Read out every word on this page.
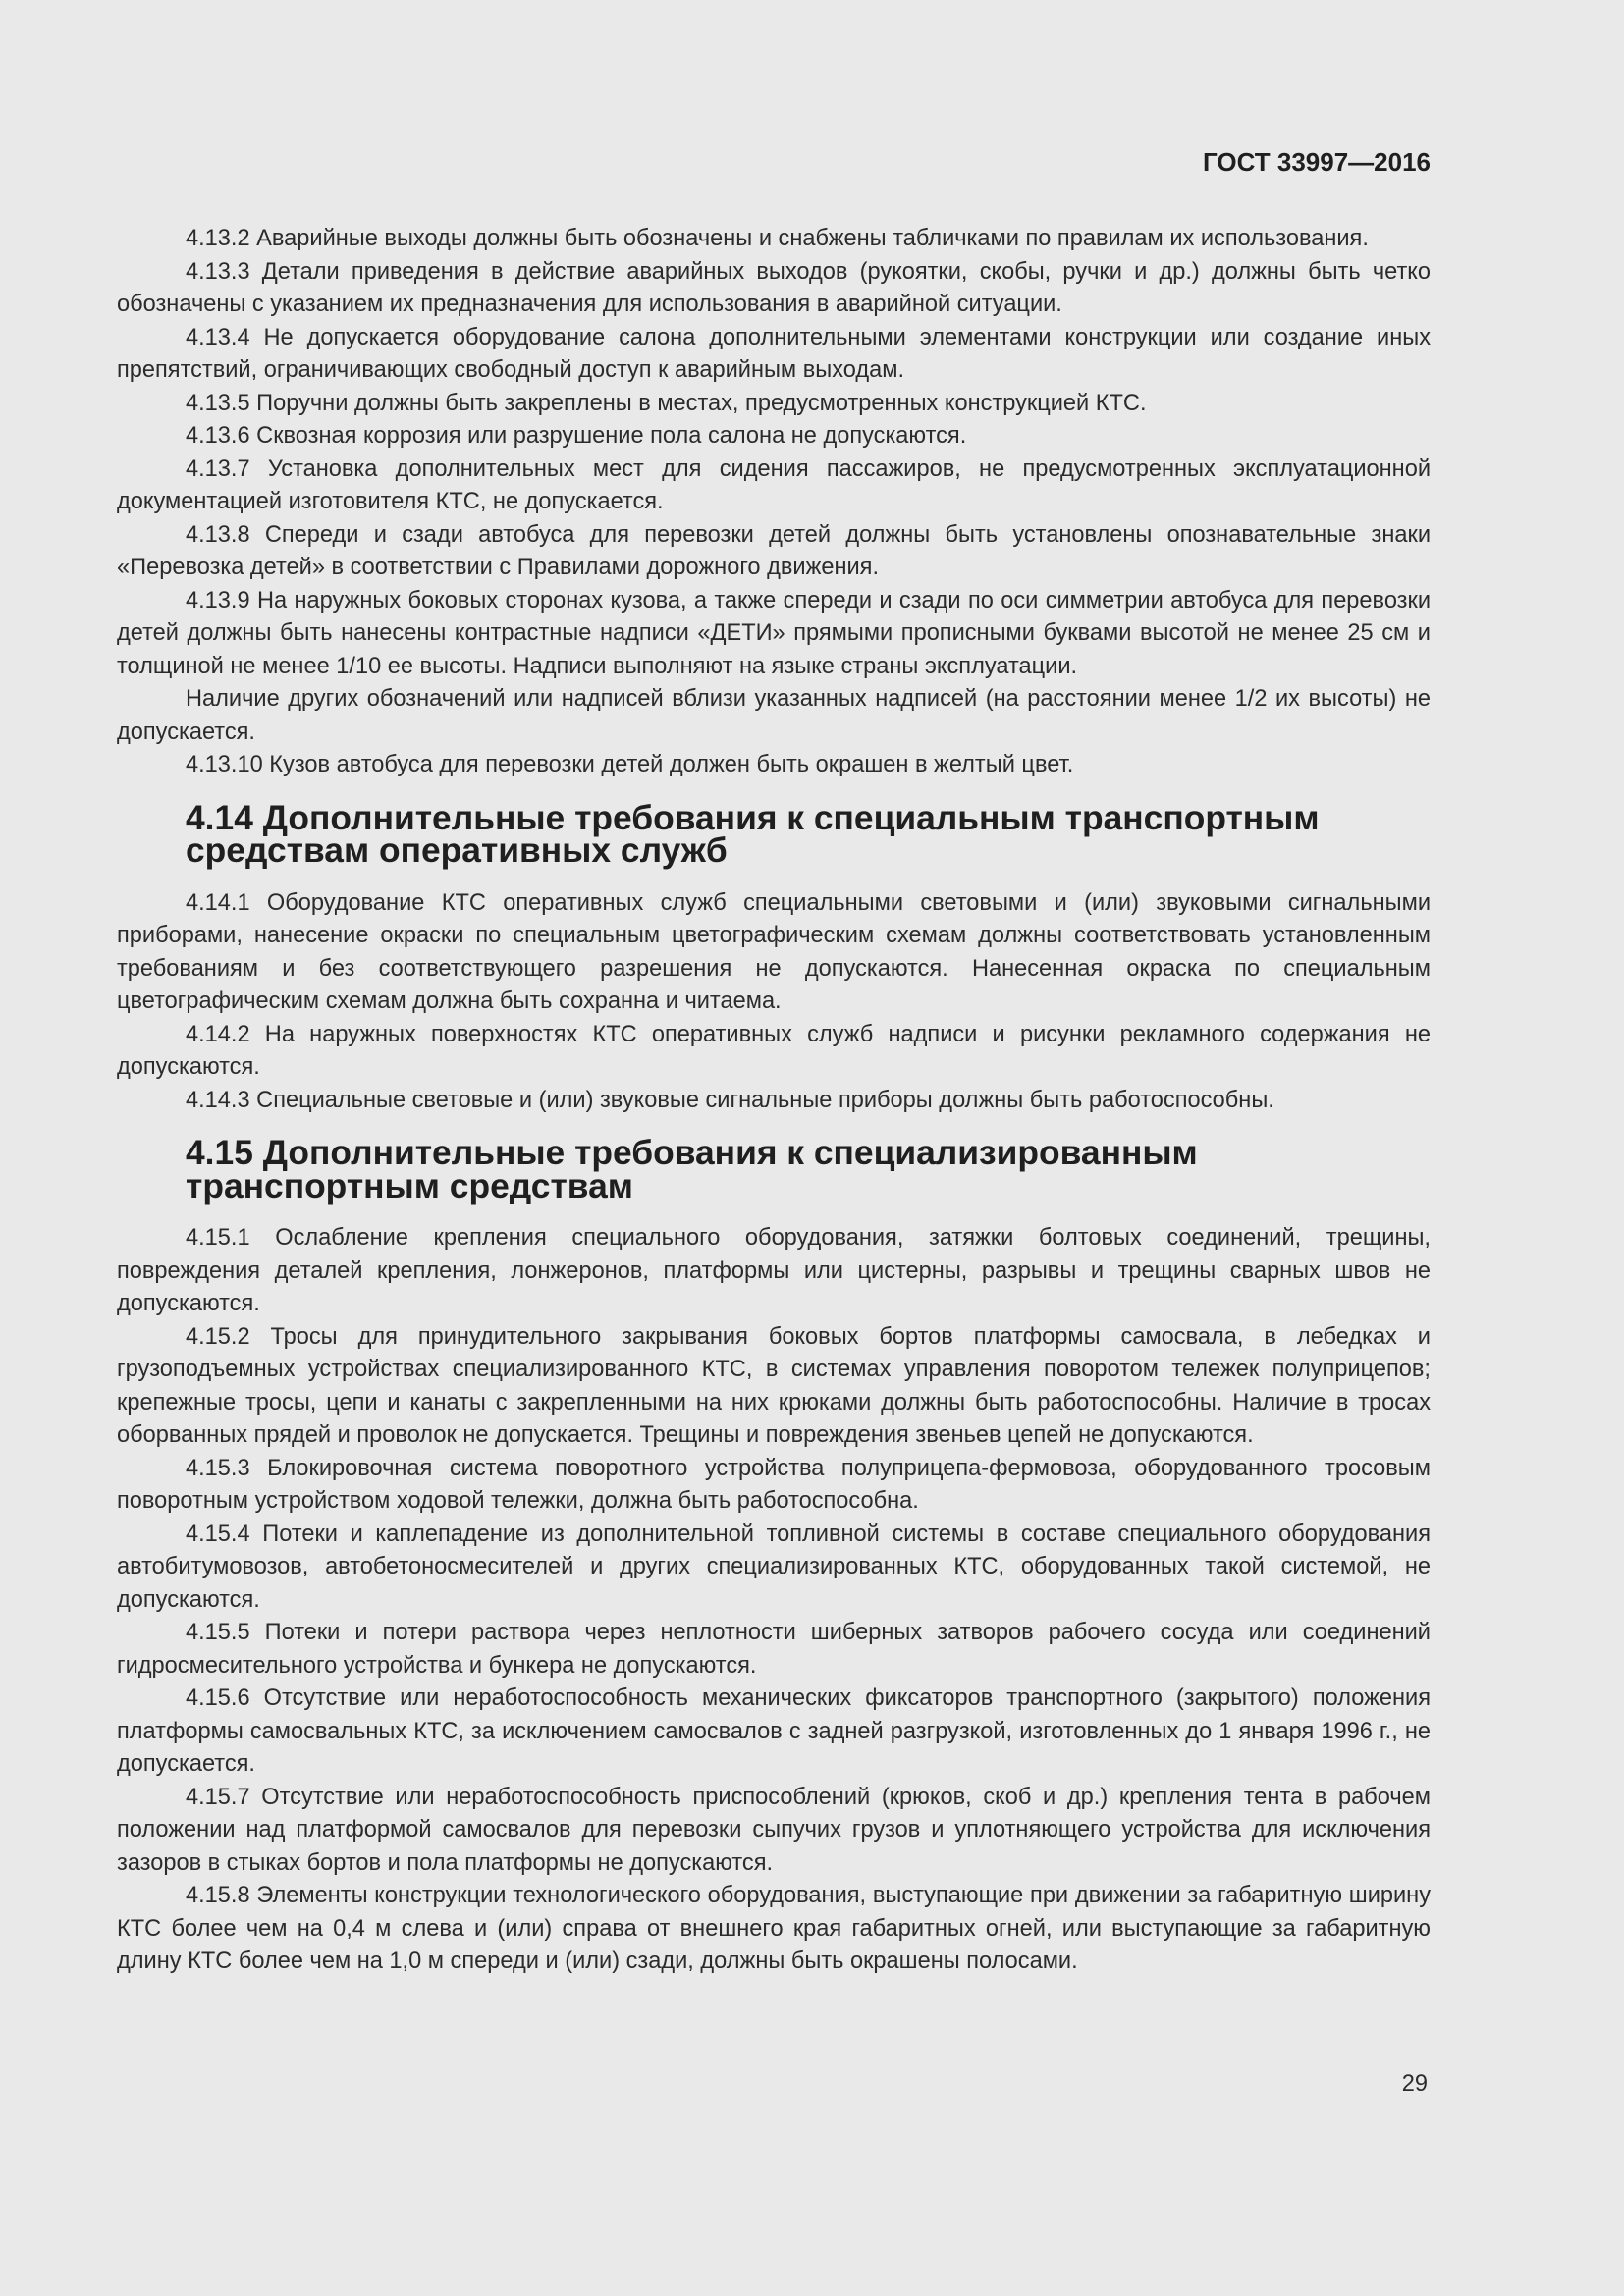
ГОСТ 33997—2016

4.13.2 Аварийные выходы должны быть обозначены и снабжены табличками по правилам их использования.

4.13.3 Детали приведения в действие аварийных выходов (рукоятки, скобы, ручки и др.) должны быть четко обозначены с указанием их предназначения для использования в аварийной ситуации.

4.13.4 Не допускается оборудование салона дополнительными элементами конструкции или создание иных препятствий, ограничивающих свободный доступ к аварийным выходам.

4.13.5 Поручни должны быть закреплены в местах, предусмотренных конструкцией КТС.

4.13.6 Сквозная коррозия или разрушение пола салона не допускаются.

4.13.7 Установка дополнительных мест для сидения пассажиров, не предусмотренных эксплуатационной документацией изготовителя КТС, не допускается.

4.13.8 Спереди и сзади автобуса для перевозки детей должны быть установлены опознавательные знаки «Перевозка детей» в соответствии с Правилами дорожного движения.

4.13.9 На наружных боковых сторонах кузова, а также спереди и сзади по оси симметрии автобуса для перевозки детей должны быть нанесены контрастные надписи «ДЕТИ» прямыми прописными буквами высотой не менее 25 см и толщиной не менее 1/10 ее высоты. Надписи выполняют на языке страны эксплуатации.

Наличие других обозначений или надписей вблизи указанных надписей (на расстоянии менее 1/2 их высоты) не допускается.

4.13.10 Кузов автобуса для перевозки детей должен быть окрашен в желтый цвет.

4.14 Дополнительные требования к специальным транспортным средствам оперативных служб

4.14.1 Оборудование КТС оперативных служб специальными световыми и (или) звуковыми сигнальными приборами, нанесение окраски по специальным цветографическим схемам должны соответствовать установленным требованиям и без соответствующего разрешения не допускаются. Нанесенная окраска по специальным цветографическим схемам должна быть сохранна и читаема.

4.14.2 На наружных поверхностях КТС оперативных служб надписи и рисунки рекламного содержания не допускаются.

4.14.3 Специальные световые и (или) звуковые сигнальные приборы должны быть работоспособны.

4.15 Дополнительные требования к специализированным транспортным средствам

4.15.1 Ослабление крепления специального оборудования, затяжки болтовых соединений, трещины, повреждения деталей крепления, лонжеронов, платформы или цистерны, разрывы и трещины сварных швов не допускаются.

4.15.2 Тросы для принудительного закрывания боковых бортов платформы самосвала, в лебедках и грузоподъемных устройствах специализированного КТС, в системах управления поворотом тележек полуприцепов; крепежные тросы, цепи и канаты с закрепленными на них крюками должны быть работоспособны. Наличие в тросах оборванных прядей и проволок не допускается. Трещины и повреждения звеньев цепей не допускаются.

4.15.3 Блокировочная система поворотного устройства полуприцепа-фермовоза, оборудованного тросовым поворотным устройством ходовой тележки, должна быть работоспособна.

4.15.4 Потеки и каплепадение из дополнительной топливной системы в составе специального оборудования автобитумовозов, автобетоносмесителей и других специализированных КТС, оборудованных такой системой, не допускаются.

4.15.5 Потеки и потери раствора через неплотности шиберных затворов рабочего сосуда или соединений гидросмесительного устройства и бункера не допускаются.

4.15.6 Отсутствие или неработоспособность механических фиксаторов транспортного (закрытого) положения платформы самосвальных КТС, за исключением самосвалов с задней разгрузкой, изготовленных до 1 января 1996 г., не допускается.

4.15.7 Отсутствие или неработоспособность приспособлений (крюков, скоб и др.) крепления тента в рабочем положении над платформой самосвалов для перевозки сыпучих грузов и уплотняющего устройства для исключения зазоров в стыках бортов и пола платформы не допускаются.

4.15.8 Элементы конструкции технологического оборудования, выступающие при движении за габаритную ширину КТС более чем на 0,4 м слева и (или) справа от внешнего края габаритных огней, или выступающие за габаритную длину КТС более чем на 1,0 м спереди и (или) сзади, должны быть окрашены полосами.

29
